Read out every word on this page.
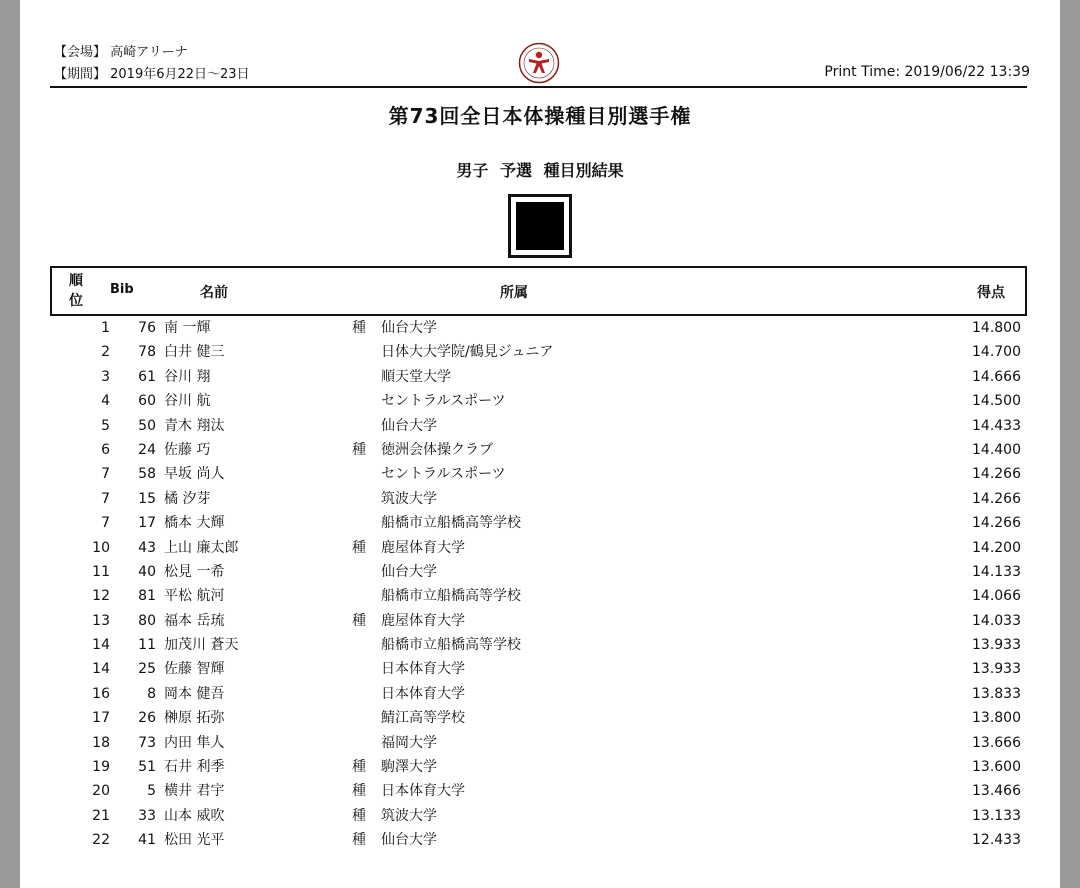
【会場】 高崎アリーナ
【期間】 2019年6月22日～23日	Print Time: 2019/06/22 13:39
第73回全日本体操種目別選手権
男子 予選 種目別結果
順
位
Bib	名前	所属	得点
1	76 南 一輝	種 仙台大学	14.800
2	78 白井 健三	日体大大学院/鶴見ジュニア	14.700
3	61 谷川 翔	順天堂大学	14.666
4	60 谷川 航	セントラルスポーツ	14.500
5	50 青木 翔汰	仙台大学	14.433
6	24 佐藤 巧	種 徳洲会体操クラブ	14.400
7	58 早坂 尚人	セントラルスポーツ	14.266
7	15 橘 汐芽	筑波大学	14.266
7	17 橋本 大輝	船橋市立船橋高等学校	14.266
10	43 上山 廉太郎	種 鹿屋体育大学	14.200
11	40 松見 一希	仙台大学	14.133
12	81 平松 航河	船橋市立船橋高等学校	14.066
13	80 福本 岳琉	種 鹿屋体育大学	14.033
14	11 加茂川 蒼天	船橋市立船橋高等学校	13.933
14	25 佐藤 智輝	日本体育大学	13.933
16	8 岡本 健吾	日本体育大学	13.833
17	26 榊原 拓弥	鯖江高等学校	13.800
18	73 内田 隼人	福岡大学	13.666
19	51 石井 利季	種 駒澤大学	13.600
20	5 横井 君宇	種 日本体育大学	13.466
21	33 山本 威吹	種 筑波大学	13.133
22	41 松田 光平	種 仙台大学	12.433
